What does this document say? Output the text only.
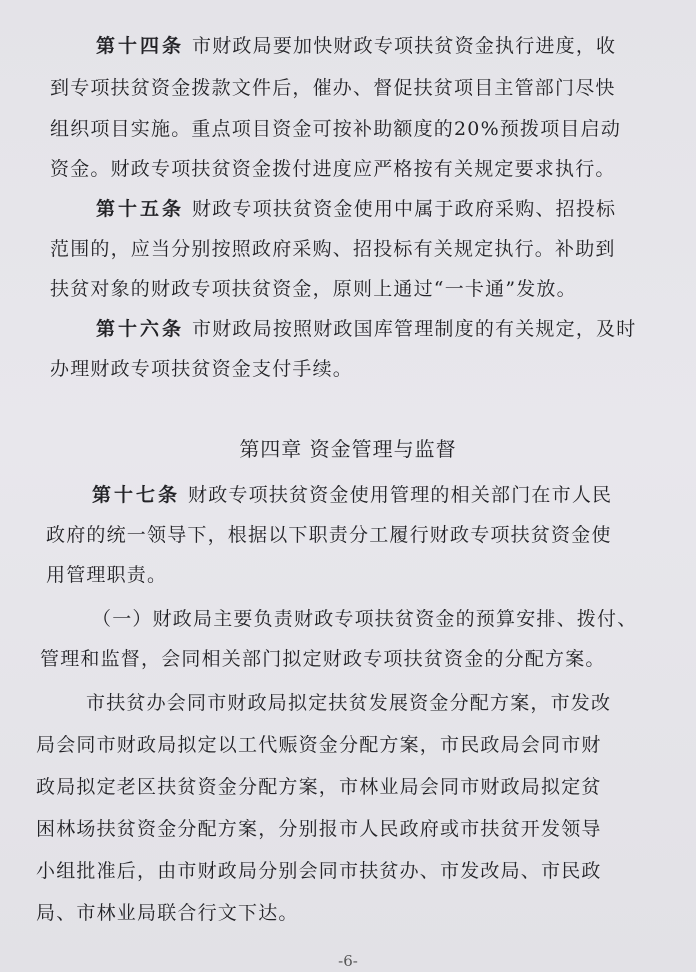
第十四条 市财政局要加快财政专项扶贫资金执行进度，收
到专项扶贫资金拨款文件后，催办、督促扶贫项目主管部门尽快
组织项目实施。重点项目资金可按补助额度的20%预拨项目启动
资金。财政专项扶贫资金拨付进度应严格按有关规定要求执行。
第十五条 财政专项扶贫资金使用中属于政府采购、招投标
范围的，应当分别按照政府采购、招投标有关规定执行。补助到
扶贫对象的财政专项扶贫资金，原则上通过“一卡通”发放。
第十六条 市财政局按照财政国库管理制度的有关规定，及时
办理财政专项扶贫资金支付手续。
第四章 资金管理与监督
第十七条 财政专项扶贫资金使用管理的相关部门在市人民
政府的统一领导下，根据以下职责分工履行财政专项扶贫资金使
用管理职责。
（一）财政局主要负责财政专项扶贫资金的预算安排、拨付、
管理和监督，会同相关部门拟定财政专项扶贫资金的分配方案。
市扶贫办会同市财政局拟定扶贫发展资金分配方案，市发改
局会同市财政局拟定以工代赈资金分配方案，市民政局会同市财
政局拟定老区扶贫资金分配方案，市林业局会同市财政局拟定贫
困林场扶贫资金分配方案，分别报市人民政府或市扶贫开发领导
小组批准后，由市财政局分别会同市扶贫办、市发改局、市民政
局、市林业局联合行文下达。
-6-
